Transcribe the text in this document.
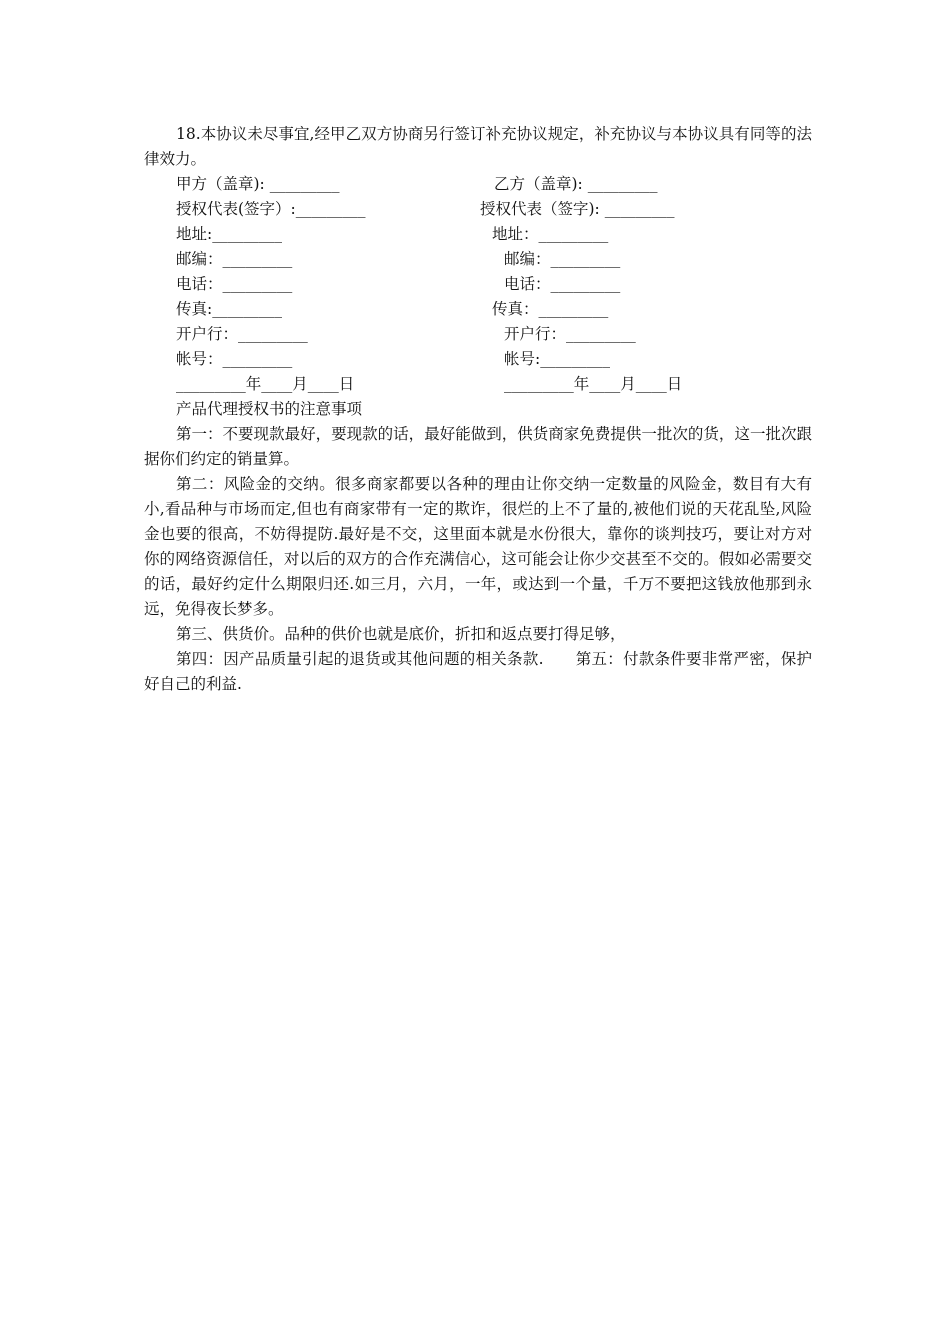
18.本协议未尽事宜,经甲乙双方协商另行签订补充协议规定，补充协议与本协议具有同等的法律效力。

甲方（盖章): _________	乙方（盖章): _________
授权代表(签字）:_________	授权代表（签字): _________
地址:_________	地址：_________
邮编：_________	邮编：_________
电话：_________	电话：_________
传真:_________	传真：_________
开户行：_________	开户行：_________
帐号：_________	帐号:_________
_________年____月____日	_________年____月____日

产品代理授权书的注意事项

第一：不要现款最好，要现款的话，最好能做到，供货商家免费提供一批次的货，这一批次跟据你们约定的销量算。

第二：风险金的交纳。很多商家都要以各种的理由让你交纳一定数量的风险金，数目有大有小,看品种与市场而定,但也有商家带有一定的欺诈，很烂的上不了量的,被他们说的天花乱坠,风险金也要的很高，不妨得提防.最好是不交，这里面本就是水份很大，靠你的谈判技巧，要让对方对你的网络资源信任，对以后的双方的合作充满信心，这可能会让你少交甚至不交的。假如必需要交的话，最好约定什么期限归还.如三月，六月，一年，或达到一个量，千万不要把这钱放他那到永远，免得夜长梦多。

第三、供货价。品种的供价也就是底价，折扣和返点要打得足够，

第四：因产品质量引起的退货或其他问题的相关条款. 第五：付款条件要非常严密，保护好自己的利益.
